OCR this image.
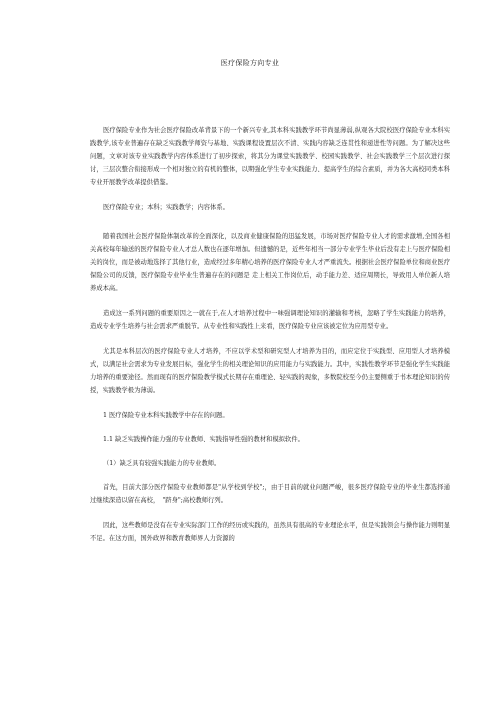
医疗保险方向专业

医疗保险专业作为社会医疗保险改革背景下的一个新兴专业,其本科实践教学环节尚显薄弱,纵观各大院校医疗保险专业本科实践教学,该专业普遍存在缺乏实践教学师资与基地、实践课程设置层次不清、实践内容缺乏连贯性和递进性等问题。为了解决这些问题，文章对该专业实践教学内容体系进行了初步探索，将其分为课堂实践教学、校园实践教学、社会实践教学三个层次进行探讨，三层次整合衔接形成一个相对独立的有机的整体，以期强化学生专业实践能力、提高学生的综合素质，并为各大高校同类本科专业开展教学改革提供借鉴。

医疗保险专业；本科；实践教学；内容体系。

随着我国社会医疗保险体制改革的全面深化，以及商业健康保险的迅猛发展，市场对医疗保险专业人才的需求激增,全国各相关高校每年输送的医疗保险专业人才总人数也在逐年增加。但遗憾的是，近些年相当一部分专业学生毕业后没有走上与医疗保险相关的岗位，而是被动地选择了其他行业，造成经过多年精心培养的医疗保险专业人才严重流失。根据社会医疗保险单位和商业医疗保险公司的反馈，医疗保险专业毕业生普遍存在的问题是 走上相关工作岗位后，动手能力差、适应周期长，导致用人单位新人培养成本高。

造成这一系列问题的重要原因之一就在于,在人才培养过程中一味强调理论知识的灌输和考核，忽略了学生实践能力的培养，造成专业学生培养与社会需求严重脱节。从专业性和实践性上来看，医疗保险专业应该被定位为应用型专业。

尤其是本科层次的医疗保险专业人才培养，不应以学术型和研究型人才培养为目的，而应定位于实践型、应用型人才培养模式，以满足社会需求为专业发展目标，强化学生的相关理论知识的应用能力与实践能力。其中，实践性教学环节是强化学生实践能力培养的重要途径。然而现有的医疗保险教学模式长期存在重理论、轻实践的现象，多数院校至今仍主要侧重于书本理论知识的传授，实践教学极为薄弱。

1 医疗保险专业本科实践教学中存在的问题。

1.1 缺乏实践操作能力强的专业教师、实践指导性强的教材和模拟软件。

（1）缺乏具有较强实践能力的专业教师。

首先，目前大部分医疗保险专业教师都是"从学校到学校";，由于目前的就业问题严峻，很多医疗保险专业的毕业生都选择通过继续深造以留在高校，　"跻身";高校教师行列。

因此，这些教师是没有在专业实际部门工作的经历或实践的，虽然具有很高的专业理论水平，但是实践领会与操作能力则明显不足。在这方面，国外政界和教育教师界人力资源的
